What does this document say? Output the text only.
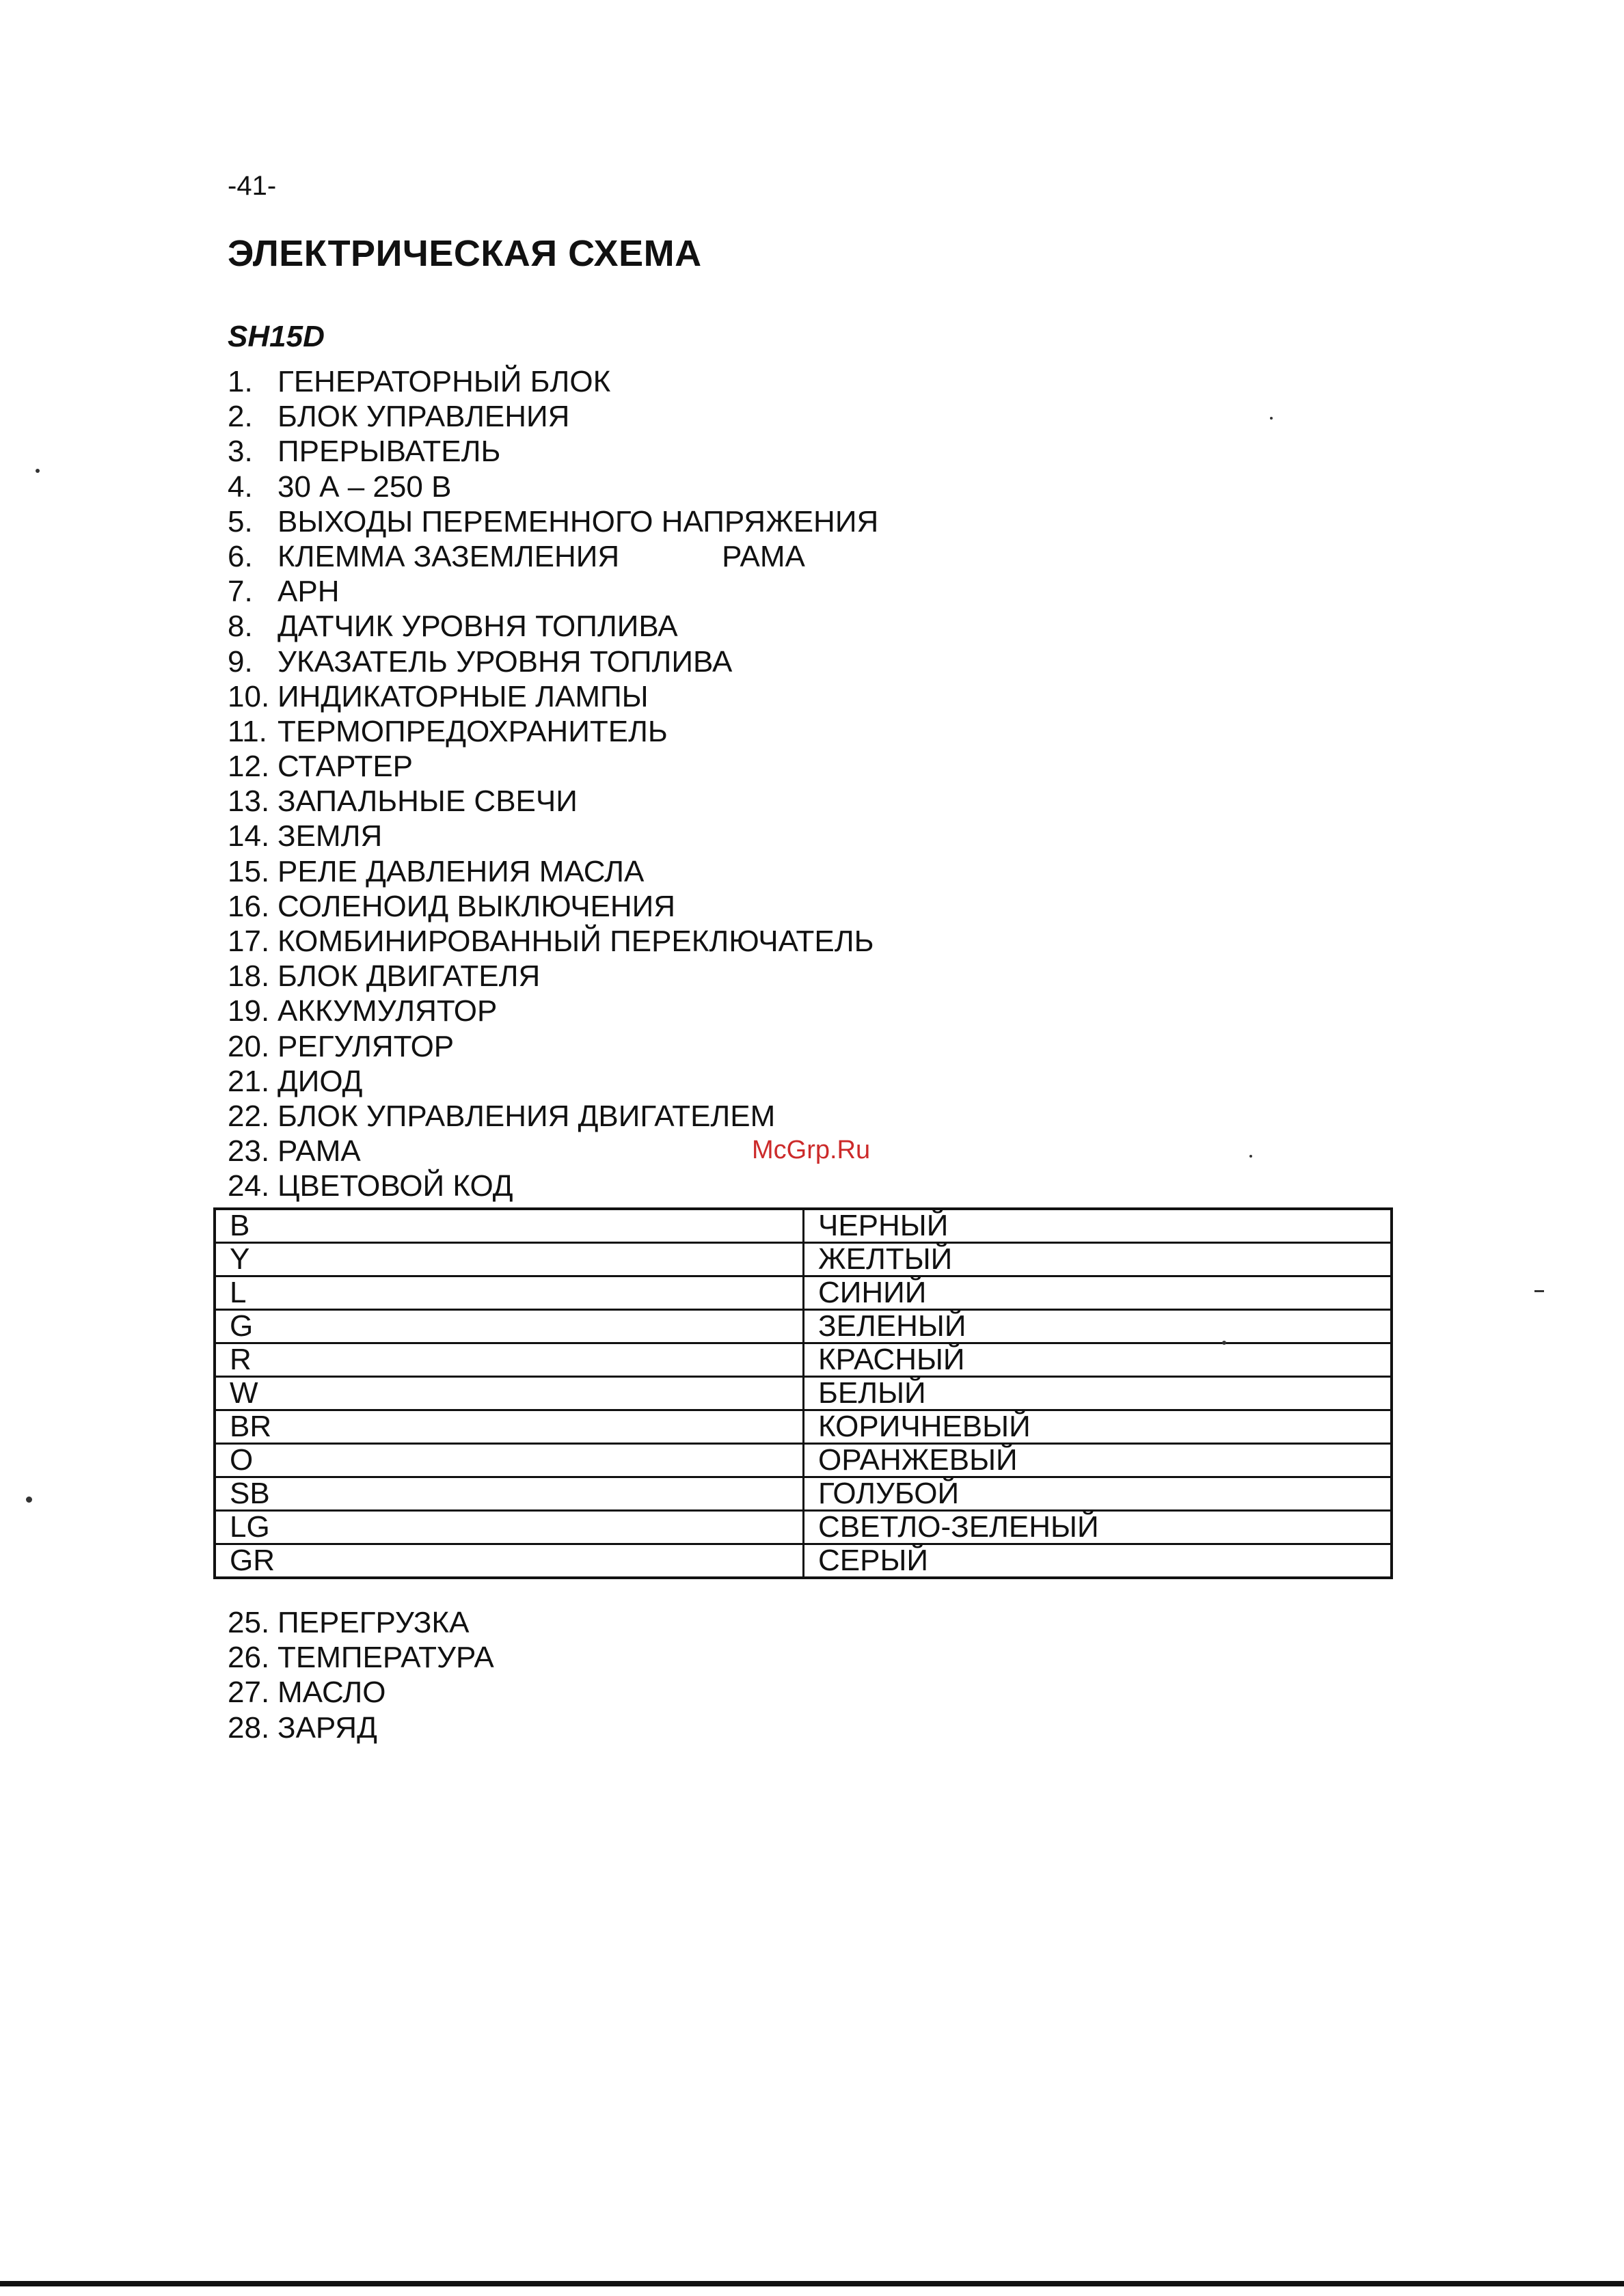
-41-
ЭЛЕКТРИЧЕСКАЯ СХЕМА
SH15D
1. ГЕНЕРАТОРНЫЙ БЛОК
2. БЛОК УПРАВЛЕНИЯ
3. ПРЕРЫВАТЕЛЬ
4. 30 А – 250 В
5. ВЫХОДЫ ПЕРЕМЕННОГО НАПРЯЖЕНИЯ
6. КЛЕММА ЗАЗЕМЛЕНИЯ	РАМА
7. АРН
8. ДАТЧИК УРОВНЯ ТОПЛИВА
9. УКАЗАТЕЛЬ УРОВНЯ ТОПЛИВА
10. ИНДИКАТОРНЫЕ ЛАМПЫ
11. ТЕРМОПРЕДОХРАНИТЕЛЬ
12. СТАРТЕР
13. ЗАПАЛЬНЫЕ СВЕЧИ
14. ЗЕМЛЯ
15. РЕЛЕ ДАВЛЕНИЯ МАСЛА
16. СОЛЕНОИД ВЫКЛЮЧЕНИЯ
17. КОМБИНИРОВАННЫЙ ПЕРЕКЛЮЧАТЕЛЬ
18. БЛОК ДВИГАТЕЛЯ
19. АККУМУЛЯТОР
20. РЕГУЛЯТОР
21. ДИОД
22. БЛОК УПРАВЛЕНИЯ ДВИГАТЕЛЕМ
23. РАМА
24. ЦВЕТОВОЙ КОД
B	ЧЕРНЫЙ
Y	ЖЕЛТЫЙ
L	СИНИЙ
G	ЗЕЛЕНЫЙ
R	КРАСНЫЙ
W	БЕЛЫЙ
BR	КОРИЧНЕВЫЙ
O	ОРАНЖЕВЫЙ
SB	ГОЛУБОЙ
LG	СВЕТЛО-ЗЕЛЕНЫЙ
GR	СЕРЫЙ
25. ПЕРЕГРУЗКА
26. ТЕМПЕРАТУРА
27. МАСЛО
28. ЗАРЯД
McGrp.Ru
